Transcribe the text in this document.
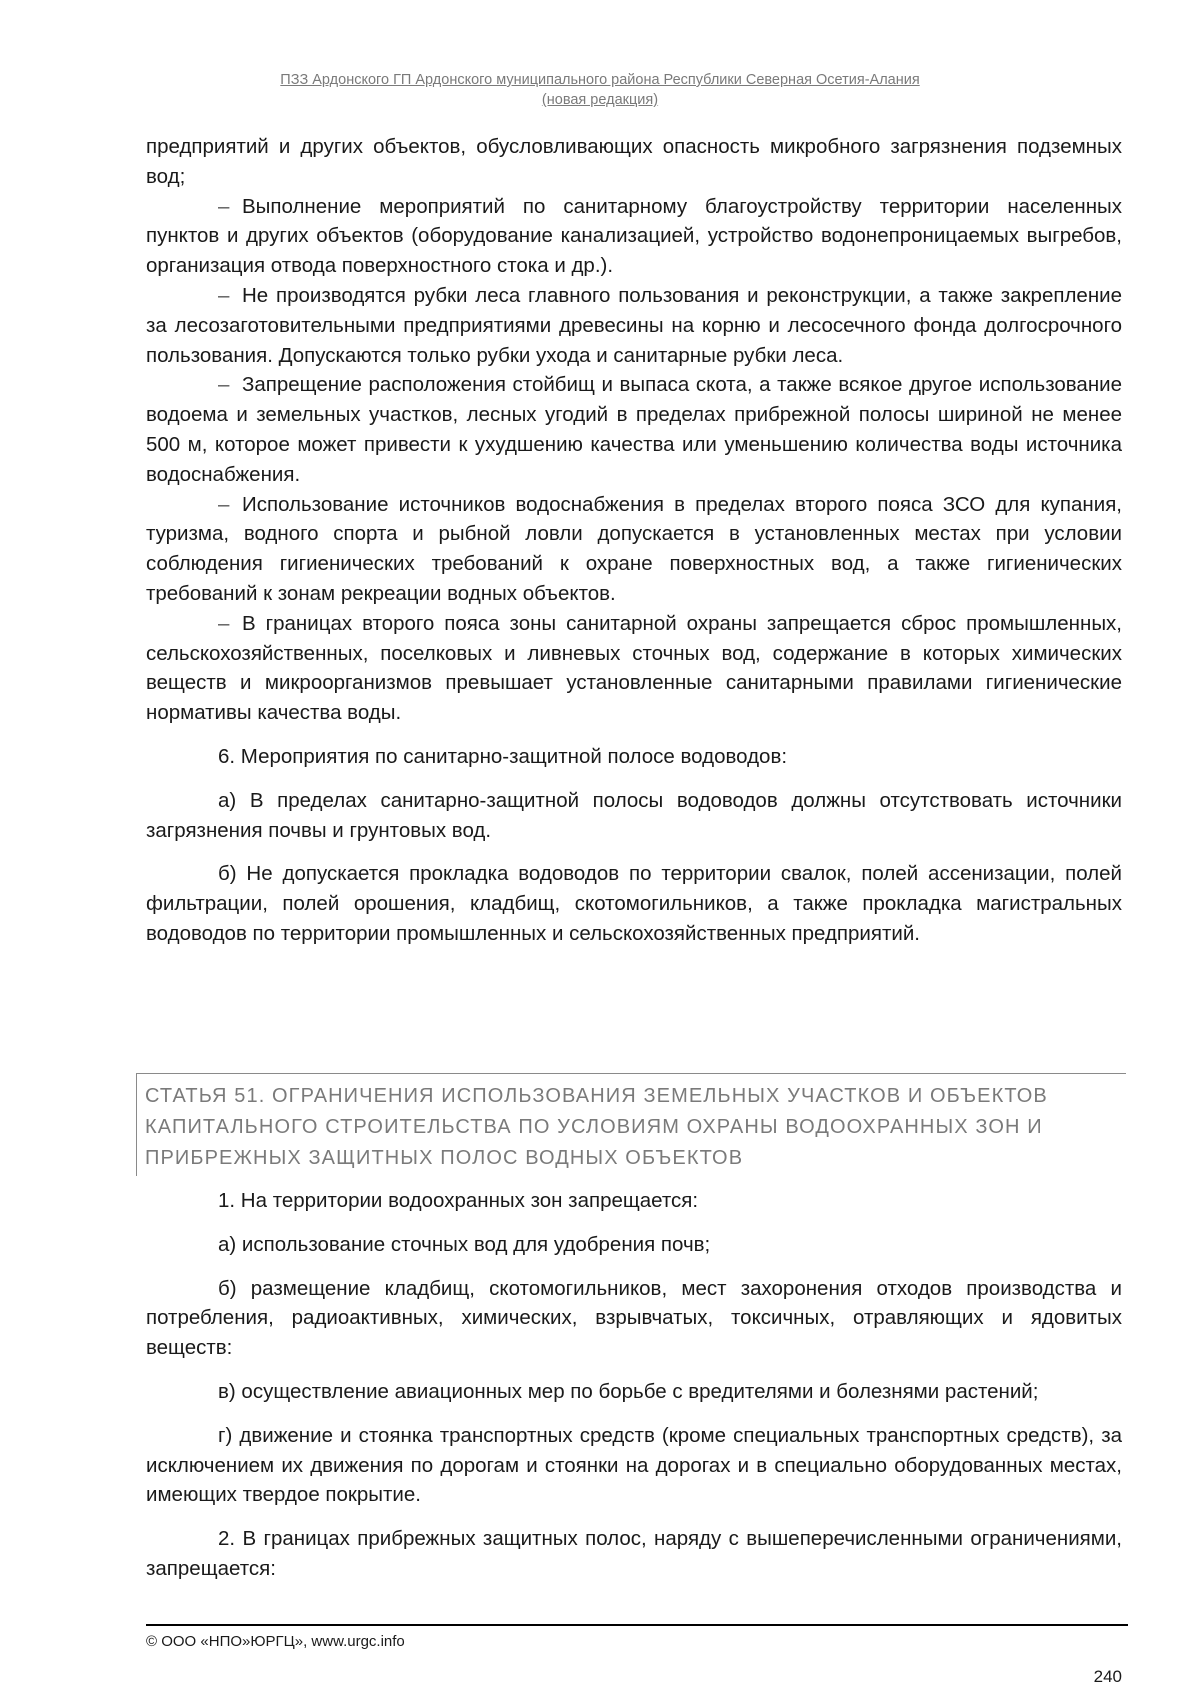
ПЗЗ Ардонского ГП Ардонского муниципального района Республики Северная Осетия-Алания
(новая редакция)

предприятий и других объектов, обусловливающих опасность микробного загрязнения подземных вод;

– Выполнение мероприятий по санитарному благоустройству территории населенных пунктов и других объектов (оборудование канализацией, устройство водонепроницаемых выгребов, организация отвода поверхностного стока и др.).

– Не производятся рубки леса главного пользования и реконструкции, а также закрепление за лесозаготовительными предприятиями древесины на корню и лесосечного фонда долгосрочного пользования. Допускаются только рубки ухода и санитарные рубки леса.

– Запрещение расположения стойбищ и выпаса скота, а также всякое другое использование водоема и земельных участков, лесных угодий в пределах прибрежной полосы шириной не менее 500 м, которое может привести к ухудшению качества или уменьшению количества воды источника водоснабжения.

– Использование источников водоснабжения в пределах второго пояса ЗСО для купания, туризма, водного спорта и рыбной ловли допускается в установленных местах при условии соблюдения гигиенических требований к охране поверхностных вод, а также гигиенических требований к зонам рекреации водных объектов.

– В границах второго пояса зоны санитарной охраны запрещается сброс промышленных, сельскохозяйственных, поселковых и ливневых сточных вод, содержание в которых химических веществ и микроорганизмов превышает установленные санитарными правилами гигиенические нормативы качества воды.

6. Мероприятия по санитарно-защитной полосе водоводов:

а) В пределах санитарно-защитной полосы водоводов должны отсутствовать источники загрязнения почвы и грунтовых вод.

б) Не допускается прокладка водоводов по территории свалок, полей ассенизации, полей фильтрации, полей орошения, кладбищ, скотомогильников, а также прокладка магистральных водоводов по территории промышленных и сельскохозяйственных предприятий.

СТАТЬЯ 51. ОГРАНИЧЕНИЯ ИСПОЛЬЗОВАНИЯ ЗЕМЕЛЬНЫХ УЧАСТКОВ И ОБЪЕКТОВ
КАПИТАЛЬНОГО СТРОИТЕЛЬСТВА ПО УСЛОВИЯМ ОХРАНЫ ВОДООХРАННЫХ ЗОН И
ПРИБРЕЖНЫХ ЗАЩИТНЫХ ПОЛОС ВОДНЫХ ОБЪЕКТОВ

1. На территории водоохранных зон запрещается:

а) использование сточных вод для удобрения почв;

б) размещение кладбищ, скотомогильников, мест захоронения отходов производства и потребления, радиоактивных, химических, взрывчатых, токсичных, отравляющих и ядовитых веществ:

в) осуществление авиационных мер по борьбе с вредителями и болезнями растений;

г) движение и стоянка транспортных средств (кроме специальных транспортных средств), за исключением их движения по дорогам и стоянки на дорогах и в специально оборудованных местах, имеющих твердое покрытие.

2. В границах прибрежных защитных полос, наряду с вышеперечисленными ограничениями, запрещается:

© ООО «НПО»ЮРГЦ», www.urgc.info
240
